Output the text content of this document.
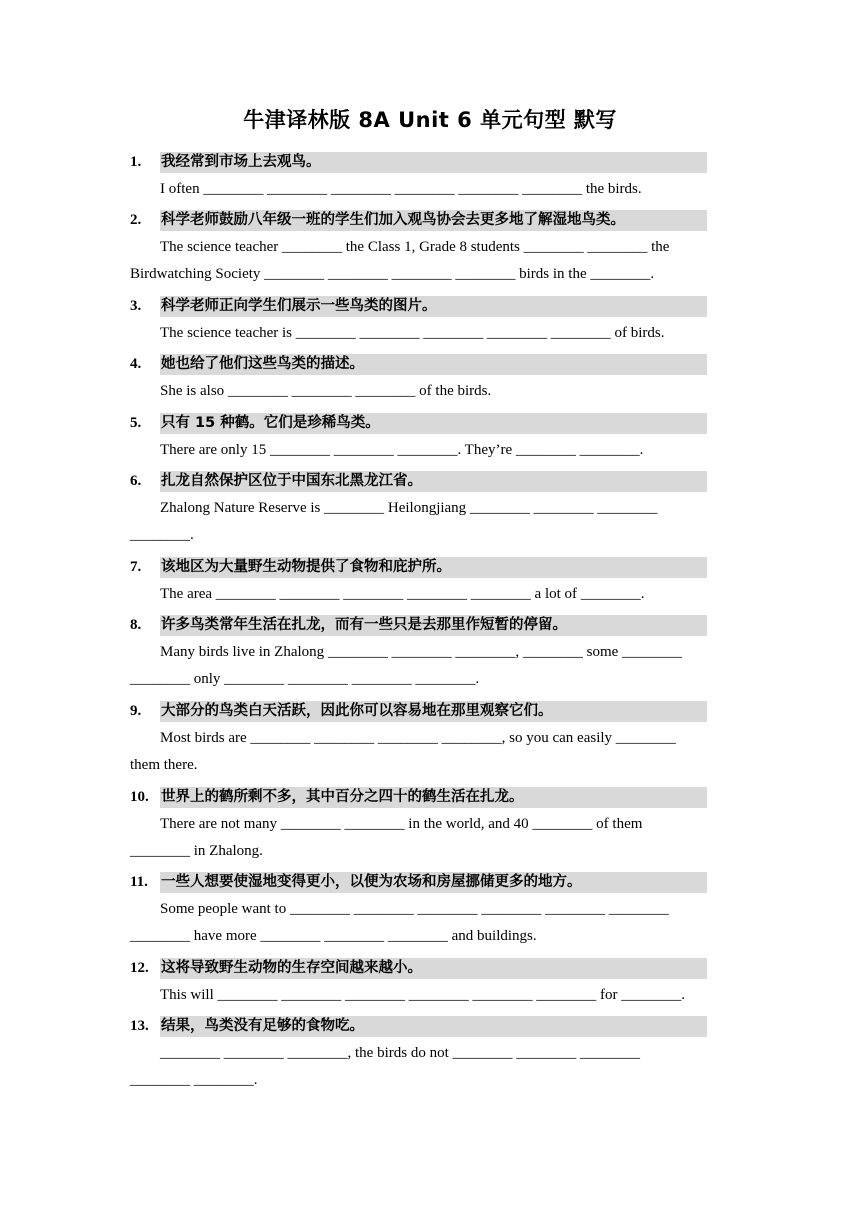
牛津译林版 8A Unit 6 单元句型 默写
1.	我经常到市场上去观鸟。
I often ________ ________ ________ ________ ________ ________ the birds.
2.	科学老师鼓励八年级一班的学生们加入观鸟协会去更多地了解湿地鸟类。
The science teacher ________ the Class 1, Grade 8 students ________ ________ the
Birdwatching Society ________ ________ ________ ________ birds in the ________.
3.	科学老师正向学生们展示一些鸟类的图片。
The science teacher is ________ ________ ________ ________ ________ of birds.
4.	她也给了他们这些鸟类的描述。
She is also ________ ________ ________ of the birds.
5.	只有 15 种鹤。它们是珍稀鸟类。
There are only 15 ________ ________ ________. They’re ________ ________.
6.	扎龙自然保护区位于中国东北黑龙江省。
Zhalong Nature Reserve is ________ Heilongjiang ________ ________ ________
________.
7.	该地区为大量野生动物提供了食物和庇护所。
The area ________ ________ ________ ________ ________ a lot of ________.
8.	许多鸟类常年生活在扎龙，而有一些只是去那里作短暂的停留。
Many birds live in Zhalong ________ ________ ________, ________ some ________
________ only ________ ________ ________ ________.
9.	大部分的鸟类白天活跃，因此你可以容易地在那里观察它们。
Most birds are ________ ________ ________ ________, so you can easily ________
them there.
10. 世界上的鹤所剩不多，其中百分之四十的鹤生活在扎龙。
There are not many ________ ________ in the world, and 40 ________ of them
________ in Zhalong.
11. 一些人想要使湿地变得更小，以便为农场和房屋挪储更多的地方。
Some people want to ________ ________ ________ ________ ________ ________
________ have more ________ ________ ________ and buildings.
12. 这将导致野生动物的生存空间越来越小。
This will ________ ________ ________ ________ ________ ________ for ________.
13. 结果，鸟类没有足够的食物吃。
________ ________ ________, the birds do not ________ ________ ________
________ ________.
